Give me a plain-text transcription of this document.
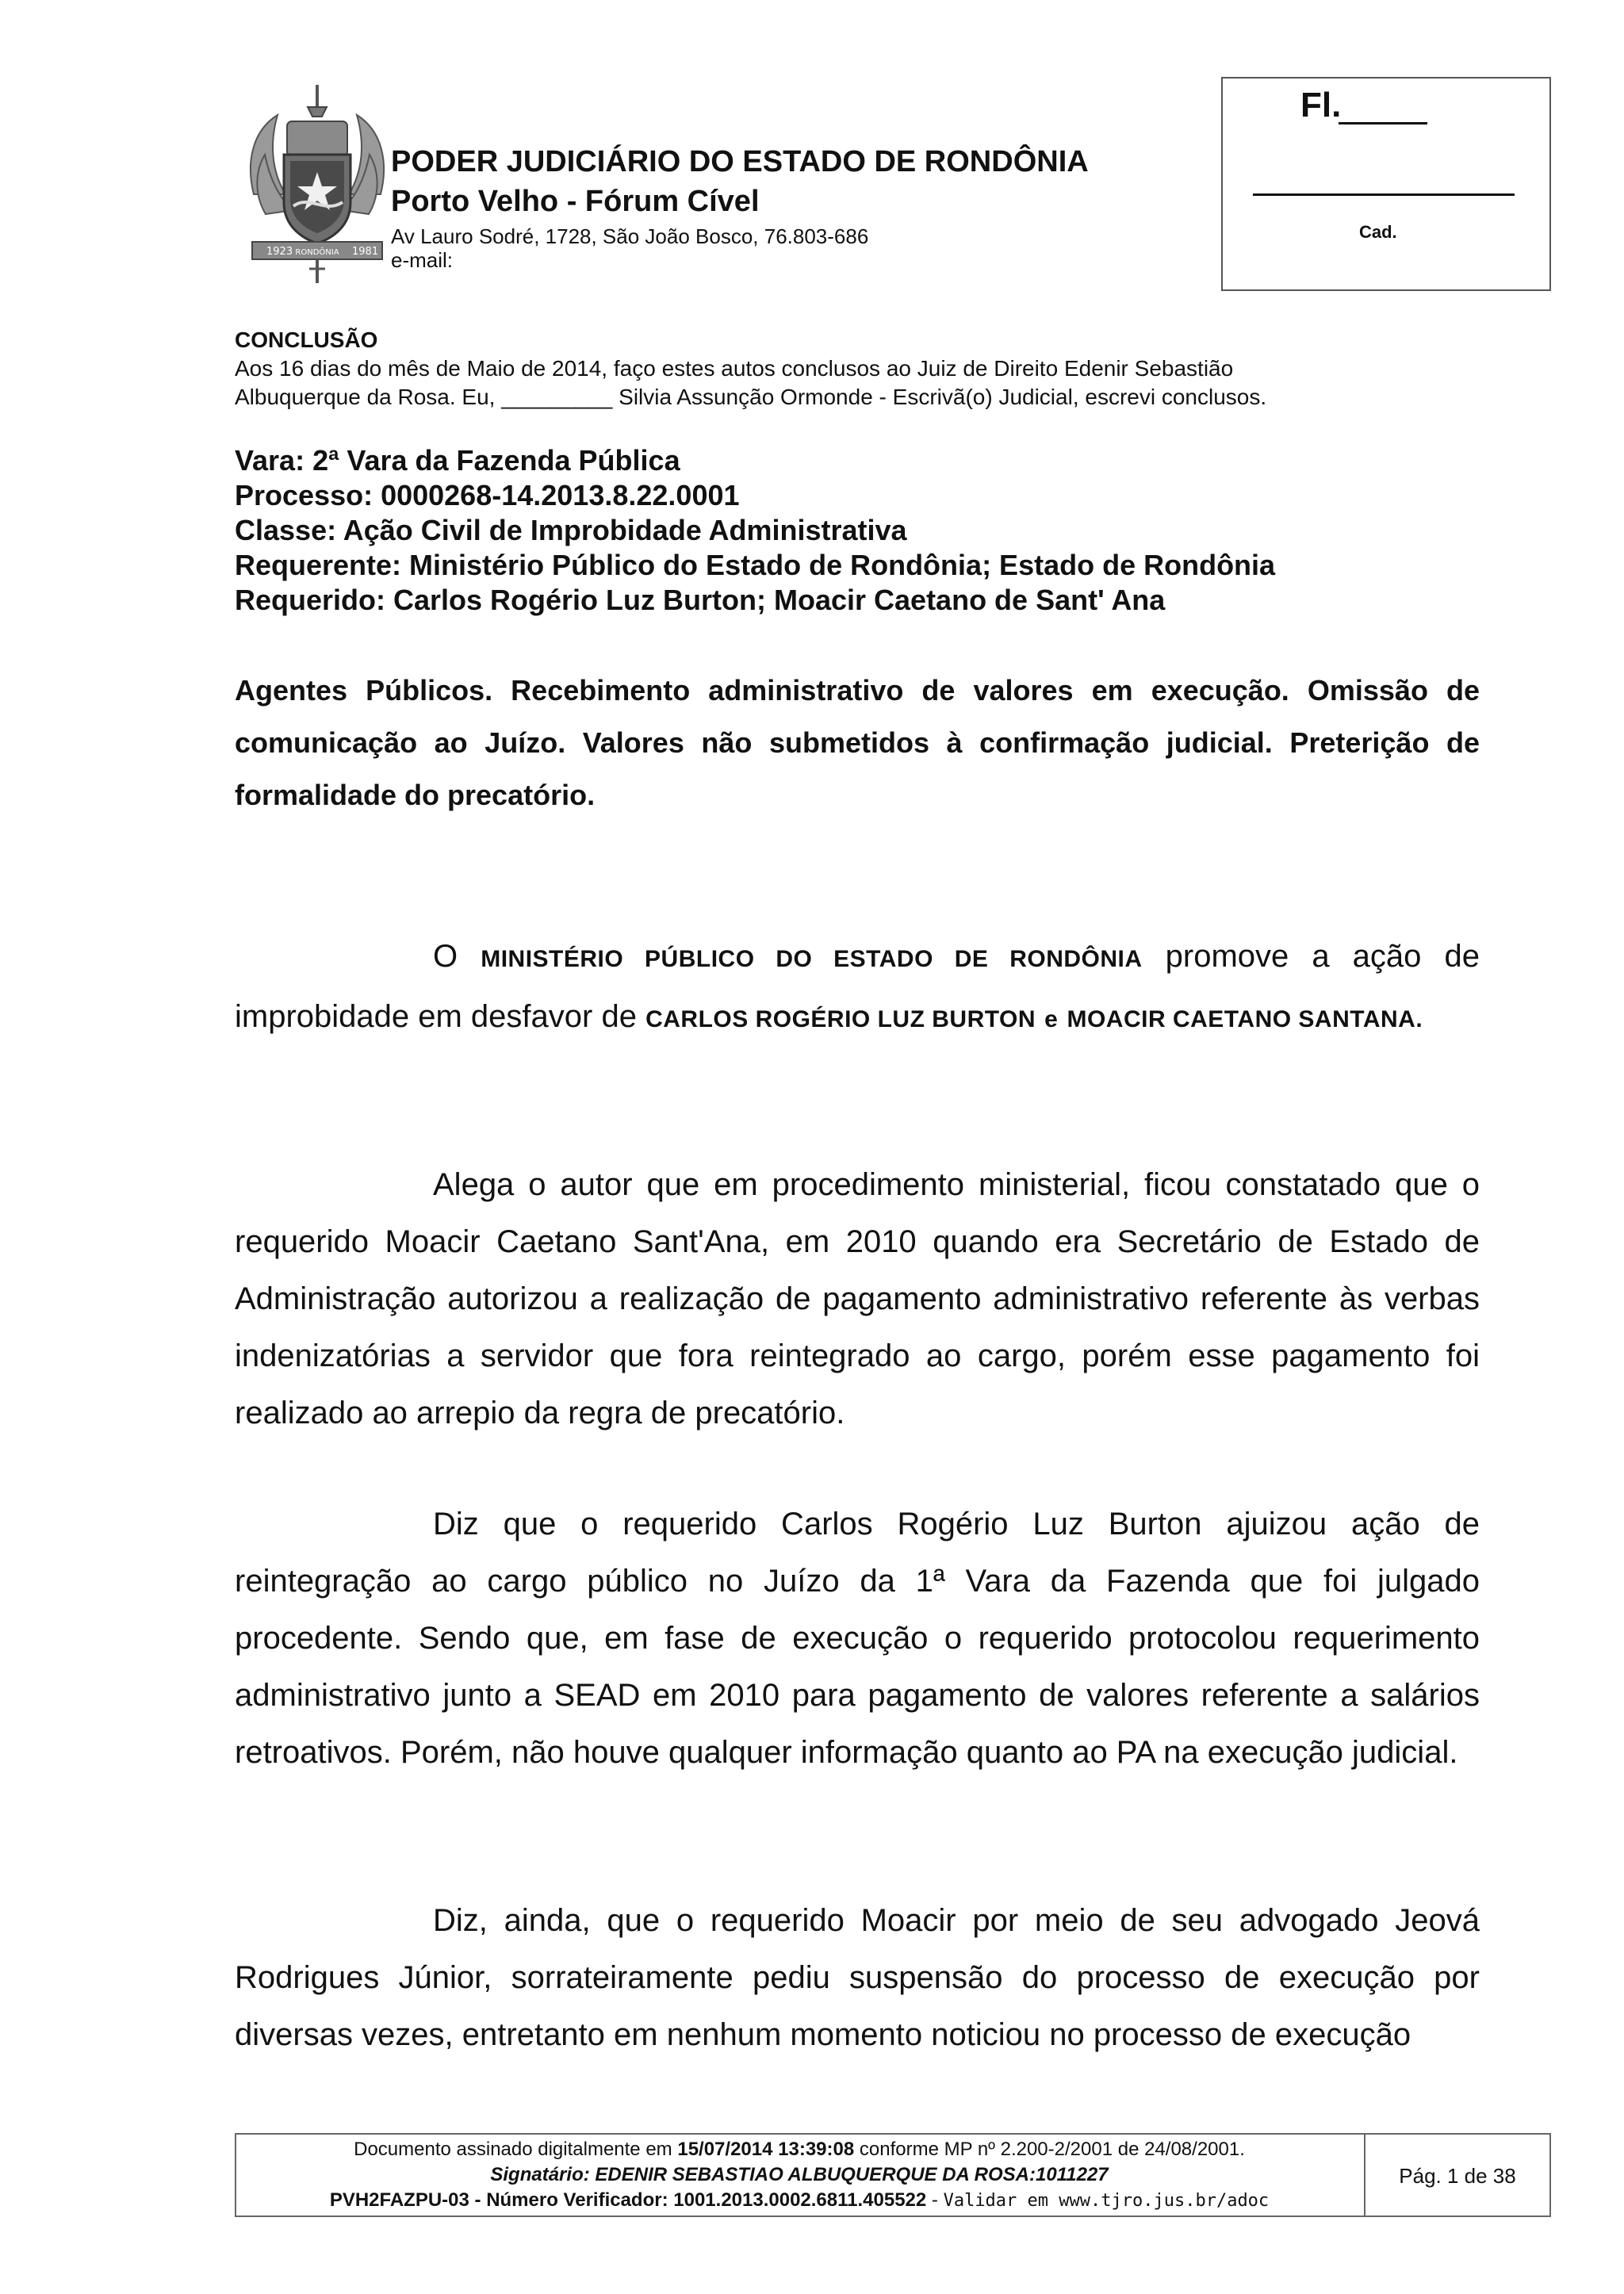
1923 RONDÔNIA 1981
PODER JUDICIÁRIO DO ESTADO DE RONDÔNIA
Porto Velho - Fórum Cível
Av Lauro Sodré, 1728, São João Bosco, 76.803-686
e-mail:
Fl.
Cad.
CONCLUSÃO
Aos 16 dias do mês de Maio de 2014, faço estes autos conclusos ao Juiz de Direito Edenir Sebastião
Albuquerque da Rosa. Eu, _________ Silvia Assunção Ormonde - Escrivã(o) Judicial, escrevi conclusos.
Vara: 2ª Vara da Fazenda Pública
Processo: 0000268-14.2013.8.22.0001
Classe: Ação Civil de Improbidade Administrativa
Requerente: Ministério Público do Estado de Rondônia; Estado de Rondônia
Requerido: Carlos Rogério Luz Burton; Moacir Caetano de Sant' Ana
Agentes Públicos. Recebimento administrativo de valores em execução. Omissão de comunicação ao Juízo. Valores não submetidos à confirmação judicial. Preterição de formalidade do precatório.
O MINISTÉRIO PÚBLICO DO ESTADO DE RONDÔNIA promove a ação de improbidade em desfavor de CARLOS ROGÉRIO LUZ BURTON e MOACIR CAETANO SANTANA.
Alega o autor que em procedimento ministerial, ficou constatado que o requerido Moacir Caetano Sant'Ana, em 2010 quando era Secretário de Estado de Administração autorizou a realização de pagamento administrativo referente às verbas indenizatórias a servidor que fora reintegrado ao cargo, porém esse pagamento foi realizado ao arrepio da regra de precatório.
Diz que o requerido Carlos Rogério Luz Burton ajuizou ação de reintegração ao cargo público no Juízo da 1ª Vara da Fazenda que foi julgado procedente. Sendo que, em fase de execução o requerido protocolou requerimento administrativo junto a SEAD em 2010 para pagamento de valores referente a salários retroativos. Porém, não houve qualquer informação quanto ao PA na execução judicial.
Diz, ainda, que o requerido Moacir por meio de seu advogado Jeová Rodrigues Júnior, sorrateiramente pediu suspensão do processo de execução por diversas vezes, entretanto em nenhum momento noticiou no processo de execução
Documento assinado digitalmente em 15/07/2014 13:39:08 conforme MP nº 2.200-2/2001 de 24/08/2001.
Signatário: EDENIR SEBASTIAO ALBUQUERQUE DA ROSA:1011227
PVH2FAZPU-03 - Número Verificador: 1001.2013.0002.6811.405522 - Validar em www.tjro.jus.br/adoc
Pág. 1 de 38
